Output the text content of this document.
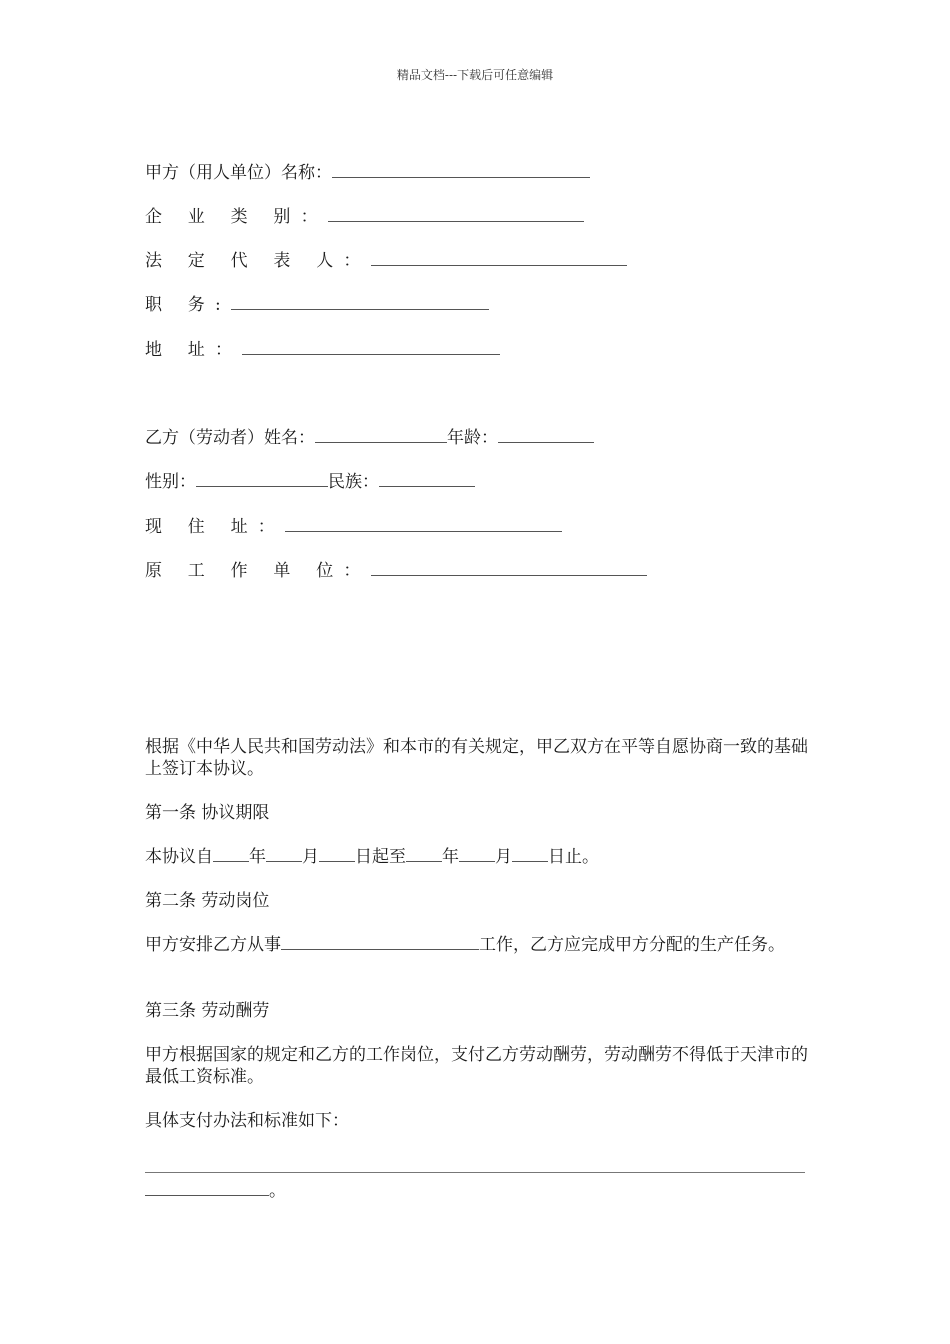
精品文档---下载后可任意编辑
甲方（用人单位）名称：
企 业 类 别：
法 定 代 表 人：
职 务:
地 址：
乙方（劳动者）姓名：	年龄：
性别：	民族：
现 住 址：
原 工 作 单 位：
根据《中华人民共和国劳动法》和本市的有关规定，甲乙双方在平等自愿协商一致的基础上签订本协议。
第一条 协议期限
本协议自 年 月 日起至 年 月 日止。
第二条 劳动岗位
甲方安排乙方从事	工作，乙方应完成甲方分配的生产任务。
第三条 劳动酬劳
甲方根据国家的规定和乙方的工作岗位，支付乙方劳动酬劳，劳动酬劳不得低于天津市的最低工资标准。
具体支付办法和标准如下：
。
